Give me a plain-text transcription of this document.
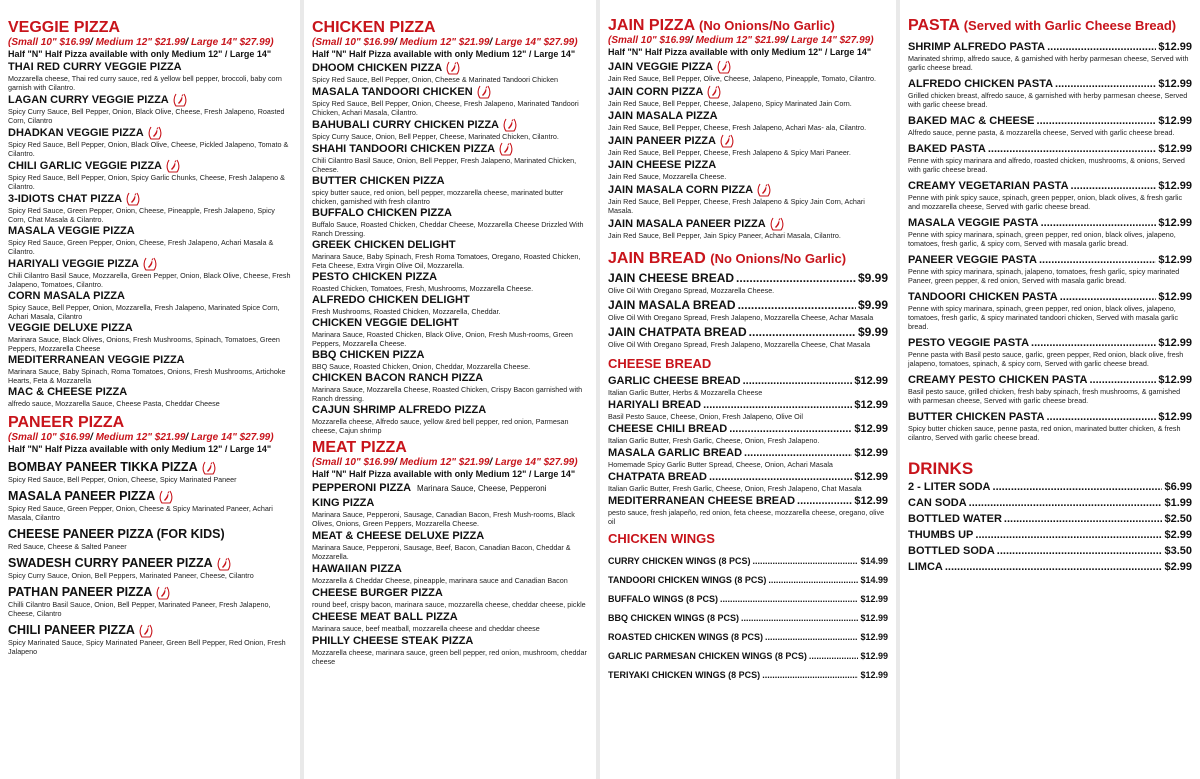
VEGGIE PIZZA

(Small 10" $16.99/ Medium 12" $21.99/ Large 14" $27.99)

Half "N" Half Pizza available with only Medium 12" / Large 14"

THAI RED CURRY VEGGIE PIZZA

Mozzarella cheese, Thai red curry sauce, red & yellow bell pepper, broccoli, baby corn garnish with Cilantro.

LAGAN CURRY VEGGIE PIZZA

Spicy Curry Sauce, Bell Pepper, Onion, Black Olive, Cheese, Fresh Jalapeno, Roasted Corn, Cilantro

DHADKAN VEGGIE PIZZA

Spicy Red Sauce, Bell Pepper, Onion, Black Olive, Cheese, Pickled Jalapeno, Tomato & Cilantro.

CHILI GARLIC VEGGIE PIZZA

Spicy Red Sauce, Bell Pepper, Onion, Spicy Garlic Chunks, Cheese, Fresh Jalapeno & Cilantro.

3-IDIOTS CHAT PIZZA

Spicy Red Sauce, Green Pepper, Onion, Cheese, Pineapple, Fresh Jalapeno, Spicy Corn, Chat Masala & Cilantro.

MASALA VEGGIE PIZZA

Spicy Red Sauce, Green Pepper, Onion, Cheese, Fresh Jalapeno, Achari Masala & Cilantro.

HARIYALI VEGGIE PIZZA

Chili Cilantro Basil Sauce, Mozzarella, Green Pepper, Onion, Black Olive, Cheese, Fresh Jalapeno, Tomatoes, Cilantro.

CORN MASALA PIZZA

Spicy Sauce, Bell Pepper, Onion, Mozzarella, Fresh Jalapeno, Marinated Spice Corn, Achari Masala, Cilantro

VEGGIE DELUXE PIZZA

Marinara Sauce, Black Olives, Onions, Fresh Mushrooms, Spinach, Tomatoes, Green Peppers, Mozzarella Cheese

MEDITERRANEAN VEGGIE PIZZA

Marinara Sauce, Baby Spinach, Roma Tomatoes, Onions, Fresh Mushrooms, Artichoke Hearts, Feta & Mozzarella

MAC & CHEESE PIZZA

alfredo sauce, Mozzarella Sauce, Cheese Pasta, Cheddar Cheese

PANEER PIZZA

(Small 10" $16.99/ Medium 12" $21.99/ Large 14" $27.99)

Half "N" Half Pizza available with only Medium 12" / Large 14"

BOMBAY PANEER TIKKA PIZZA

Spicy Red Sauce, Bell Pepper, Onion, Cheese, Spicy Marinated Paneer

MASALA PANEER PIZZA

Spicy Red Sauce, Green Pepper, Onion, Cheese & Spicy Marinated Paneer, Achari Masala, Cilantro

CHEESE PANEER PIZZA (FOR KIDS)

Red Sauce, Cheese & Salted Paneer

SWADESH CURRY PANEER PIZZA

Spicy Curry Sauce, Onion, Bell Peppers, Marinated Paneer, Cheese, Cilantro

PATHAN PANEER PIZZA

Chilli Cilantro Basil Sauce, Onion, Bell Pepper, Marinated Paneer, Fresh Jalapeno, Cheese, Cilantro

CHILI PANEER PIZZA

Spicy Marinated Sauce, Spicy Marinated Paneer, Green Bell Pepper, Red Onion, Fresh Jalapeno

CHICKEN PIZZA

(Small 10" $16.99/ Medium 12" $21.99/ Large 14" $27.99)

Half "N" Half Pizza available with only Medium 12" / Large 14"

DHOOM CHICKEN PIZZA

Spicy Red Sauce, Bell Pepper, Onion, Cheese & Marinated Tandoori Chicken

MASALA TANDOORI CHICKEN

Spicy Red Sauce, Bell Pepper, Onion, Cheese, Fresh Jalapeno, Marinated Tandoori Chicken, Achari Masala, Cilantro.

BAHUBALI CURRY CHICKEN PIZZA

Spicy Curry Sauce, Onion, Bell Pepper, Cheese, Marinated Chicken, Cilantro.

SHAHI TANDOORI CHICKEN PIZZA

Chili Cilantro Basil Sauce, Onion, Bell Pepper, Fresh Jalapeno, Marinated Chicken, Cheese.

BUTTER CHICKEN PIZZA

spicy butter sauce, red onion, bell pepper, mozzarella cheese, marinated butter chicken, garnished with fresh cilantro

BUFFALO CHICKEN PIZZA

Buffalo Sauce, Roasted Chicken, Cheddar Cheese, Mozzarella Cheese Drizzled With Ranch Dressing.

GREEK CHICKEN DELIGHT

Marinara Sauce, Baby Spinach, Fresh Roma Tomatoes, Oregano, Roasted Chicken, Feta Cheese, Extra Virgin Olive Oil, Mozzarella.

PESTO CHICKEN PIZZA

Roasted Chicken, Tomatoes, Fresh, Mushrooms, Mozzarella Cheese.

ALFREDO CHICKEN DELIGHT

Fresh Mushrooms, Roasted Chicken, Mozzarella, Cheddar.

CHICKEN VEGGIE DELIGHT

Marinara Sauce, Roasted Chicken, Black Olive, Onion, Fresh Mush-rooms, Green Peppers, Mozzarella Cheese.

BBQ CHICKEN PIZZA

BBQ Sauce, Roasted Chicken, Onion, Cheddar, Mozzarella Cheese.

CHICKEN BACON RANCH PIZZA

Marinara Sauce, Mozzarella Cheese, Roasted Chicken, Crispy Bacon garnished with Ranch dressing.

CAJUN SHRIMP ALFREDO PIZZA

Mozzarella cheese, Alfredo sauce, yellow &red bell pepper, red onion, Parmesan cheese, Cajun shrimp

MEAT PIZZA

(Small 10" $16.99/ Medium 12" $21.99/ Large 14" $27.99)

Half "N" Half Pizza available with only Medium 12" / Large 14"

PEPPERONI PIZZA Marinara Sauce, Cheese, Pepperoni

KING PIZZA

Marinara Sauce, Pepperoni, Sausage, Canadian Bacon, Fresh Mush-rooms, Black Olives, Onions, Green Peppers, Mozzarella Cheese.

MEAT & CHEESE DELUXE PIZZA

Marinara Sauce, Pepperoni, Sausage, Beef, Bacon, Canadian Bacon, Cheddar & Mozzarella.

HAWAIIAN PIZZA

Mozzarella & Cheddar Cheese, pineapple, marinara sauce and Canadian Bacon

CHEESE BURGER PIZZA

round beef, crispy bacon, marinara sauce, mozzarella cheese, cheddar cheese, pickle

CHEESE MEAT BALL PIZZA

Marinara sauce, beef meatball, mozzarella cheese and cheddar cheese

PHILLY CHEESE STEAK PIZZA

Mozzarella cheese, marinara sauce, green bell pepper, red onion, mushroom, cheddar cheese

JAIN PIZZA (No Onions/No Garlic)

(Small 10" $16.99/ Medium 12" $21.99/ Large 14" $27.99)

Half "N" Half Pizza available with only Medium 12" / Large 14"

JAIN VEGGIE PIZZA

Jain Red Sauce, Bell Pepper, Olive, Cheese, Jalapeno, Pineapple, Tomato, Cilantro.

JAIN CORN PIZZA

Jain Red Sauce, Bell Pepper, Cheese, Jalapeno, Spicy Marinated Jain Corn.

JAIN MASALA PIZZA

Jain Red Sauce, Bell Pepper, Cheese, Fresh Jalapeno, Achari Mas- ala, Cilantro.

JAIN PANEER PIZZA

Jain Red Sauce, Bell Pepper, Cheese, Fresh Jalapeno & Spicy Mari Paneer.

JAIN CHEESE PIZZA

Jain Red Sauce, Mozzarella Cheese.

JAIN MASALA CORN PIZZA

Jain Red Sauce, Bell Pepper, Cheese, Fresh Jalapeno & Spicy Jain Corn, Achari Masala.

JAIN MASALA PANEER PIZZA

Jain Red Sauce, Bell Pepper, Jain Spicy Paneer, Achari Masala, Cilantro.

JAIN BREAD (No Onions/No Garlic)
JAIN CHEESE BREAD .....	$9.99

Olive Oil With Oregano Spread, Mozzarella Cheese.

JAIN MASALA BREAD .....	$9.99

Olive Oil With Oregano Spread, Fresh Jalapeno, Mozzarella Cheese, Achar Masala

JAIN CHATPATA BREAD .....	$9.99

Olive Oil With Oregano Spread, Fresh Jalapeno, Mozzarella Cheese, Chat Masala

CHEESE BREAD
GARLIC CHEESE BREAD .....	$12.99

Italian Garlic Butter, Herbs & Mozzarella Cheese

HARIYALI BREAD .....	$12.99

Basil Pesto Sauce, Cheese, Onion, Fresh Jalapeno, Olive Oil

CHEESE CHILI BREAD .....	$12.99

Italian Garlic Butter, Fresh Garlic, Cheese, Onion, Fresh Jalapeno.

MASALA GARLIC BREAD .....	$12.99

Homemade Spicy Garlic Butter Spread, Cheese, Onion, Achari Masala

CHATPATA BREAD .....	$12.99

Italian Garlic Butter, Fresh Garlic, Cheese, Onion, Fresh Jalapeno, Chat Masala

MEDITERRANEAN CHEESE BREAD .....	$12.99

pesto sauce, fresh jalapeño, red onion, feta cheese, mozzarella cheese, oregano, olive oil

CHICKEN WINGS
CURRY CHICKEN WINGS (8 PCS) .....	$14.99
TANDOORI CHICKEN WINGS (8 PCS) .....	$14.99
BUFFALO WINGS (8 PCS) .....	$12.99
BBQ CHICKEN WINGS (8 PCS) .....	$12.99
ROASTED CHICKEN WINGS (8 PCS) .....	$12.99
GARLIC PARMESAN CHICKEN WINGS (8 PCS) .....	$12.99
TERIYAKI CHICKEN WINGS (8 PCS) .....	$12.99
PASTA (Served with Garlic Cheese Bread)
SHRIMP ALFREDO PASTA .....	$12.99

Marinated shrimp, alfredo sauce, & garnished with herby parmesan cheese, Served with garlic cheese bread.

ALFREDO CHICKEN PASTA .....	$12.99

Grilled chicken breast, alfredo sauce, & garnished with herby parmesan cheese, Served with garlic cheese bread.

BAKED MAC & CHEESE .....	$12.99

Alfredo sauce, penne pasta, & mozzarella cheese, Served with garlic cheese bread.

BAKED PASTA .....	$12.99

Penne with spicy marinara and alfredo, roasted chicken, mushrooms, & onions, Served with garlic cheese bread.

CREAMY VEGETARIAN PASTA .....	$12.99

Penne with pink spicy sauce, spinach, green pepper, onion, black olives, & fresh garlic and mozzarella cheese, Served with garlic cheese bread.

MASALA VEGGIE PASTA .....	$12.99

Penne with spicy marinara, spinach, green pepper, red onion, black olives, jalapeno, tomatoes, fresh garlic, & spicy corn, Served with masala garlic bread.

PANEER VEGGIE PASTA .....	$12.99

Penne with spicy marinara, spinach, jalapeno, tomatoes, fresh garlic, spicy marinated Paneer, green pepper, & red onion, Served with masala garlic bread.

TANDOORI CHICKEN PASTA .....	$12.99

Penne with spicy marinara, spinach, green pepper, red onion, black olives, jalapeno, tomatoes, fresh garlic, & spicy marinated tandoori chicken, Served with masala garlic bread.

PESTO VEGGIE PASTA .....	$12.99

Penne pasta with Basil pesto sauce, garlic, green pepper, Red onion, black olive, fresh jalapeno, tomatoes, spinach, & spicy corn, Served with garlic cheese bread.

CREAMY PESTO CHICKEN PASTA .....	$12.99

Basil pesto sauce, grilled chicken, fresh baby spinach, fresh mushrooms, & garnished with parmesan cheese, Served with garlic cheese bread.

BUTTER CHICKEN PASTA .....	$12.99

Spicy butter chicken sauce, penne pasta, red onion, marinated butter chicken, & fresh cilantro, Served with garlic cheese bread.

DRINKS
2 - LITER SODA .....	$6.99
CAN SODA .....	$1.99
BOTTLED WATER .....	$2.50
THUMBS UP .....	$2.99
BOTTLED SODA .....	$3.50
LIMCA .....	$2.99
